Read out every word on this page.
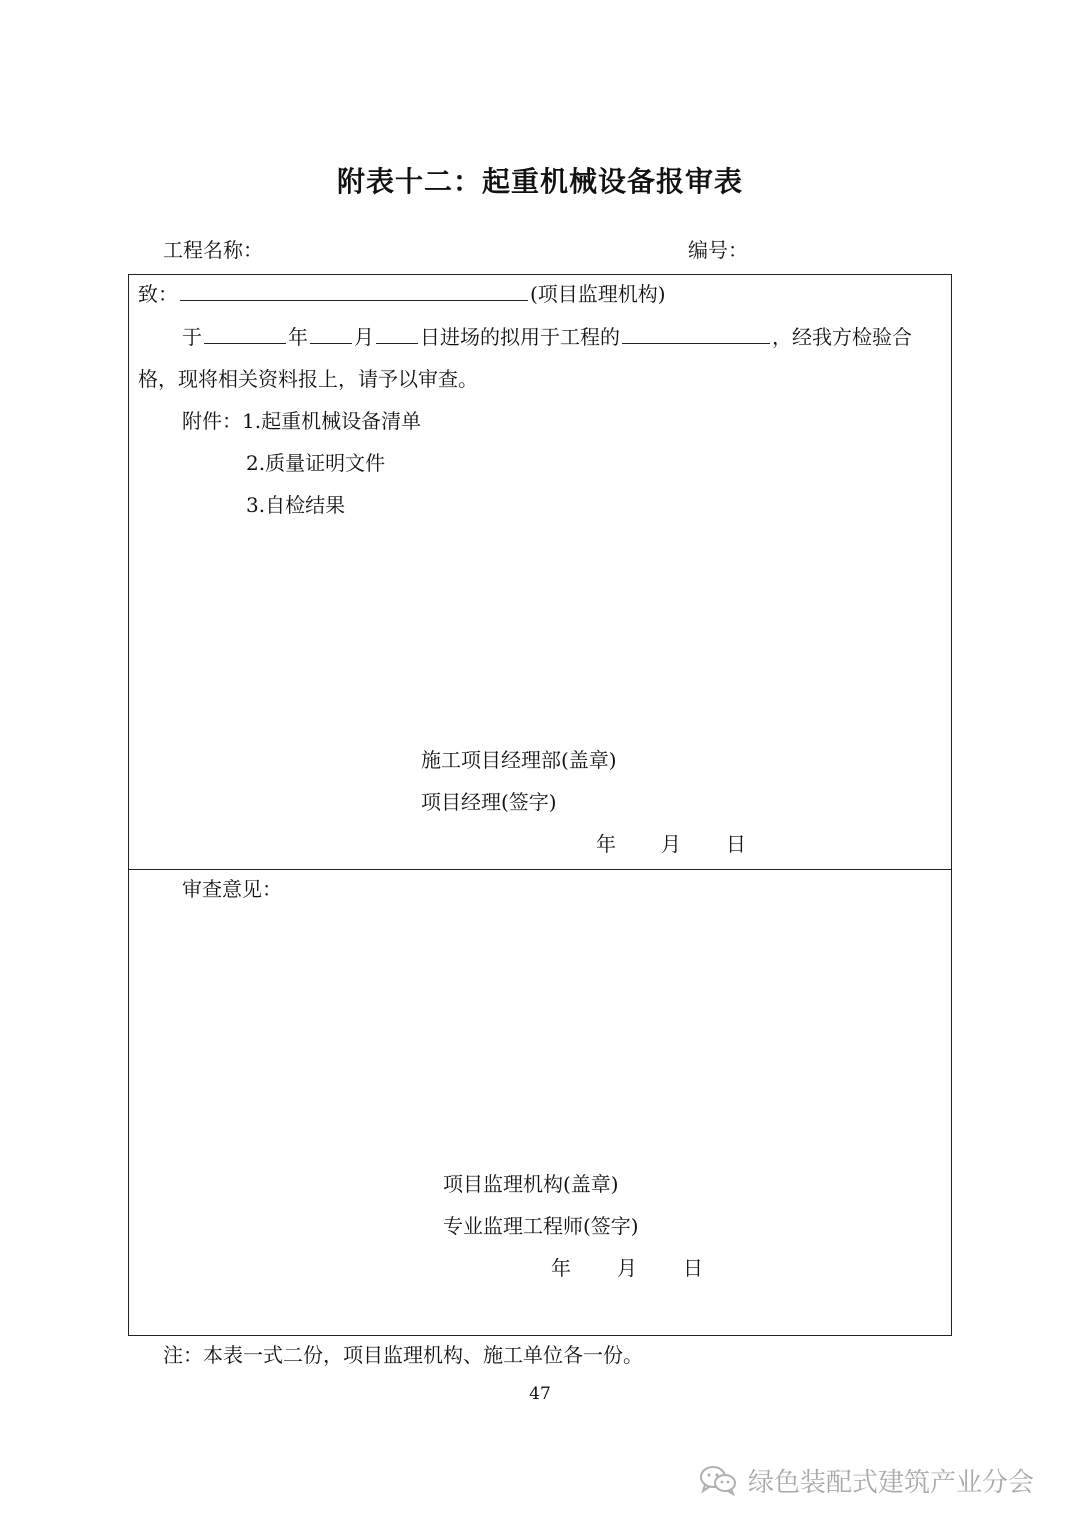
附表十二：起重机械设备报审表
工程名称：	编号：
致：	(项目监理机构)
于	年 月 日进场的拟用于工程的	，经我方检验合
格，现将相关资料报上，请予以审查。
附件：1.起重机械设备清单
2.质量证明文件
3.自检结果
施工项目经理部(盖章)
项目经理(签字)
年 月 日
审查意见：
项目监理机构(盖章)
专业监理工程师(签字)
年 月 日
注：本表一式二份，项目监理机构、施工单位各一份。
47
绿色装配式建筑产业分会
